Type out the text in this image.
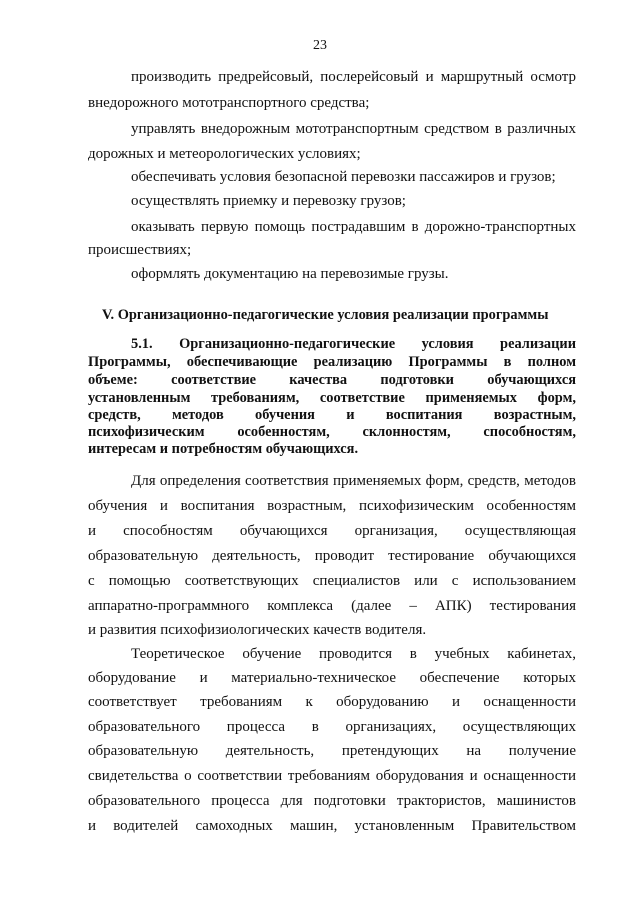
23
производить предрейсовый, послерейсовый и маршрутный осмотр
внедорожного мототранспортного средства;
управлять внедорожным мототранспортным средством в различных
дорожных и метеорологических условиях;
обеспечивать условия безопасной перевозки пассажиров и грузов;
осуществлять приемку и перевозку грузов;
оказывать первую помощь пострадавшим в дорожно-транспортных
происшествиях;
оформлять документацию на перевозимые грузы.
V. Организационно-педагогические условия реализации программы
5.1. Организационно-педагогические условия реализации
Программы, обеспечивающие реализацию Программы в полном
объеме: соответствие качества подготовки обучающихся
установленным требованиям, соответствие применяемых форм,
средств, методов обучения и воспитания возрастным,
психофизическим особенностям, склонностям, способностям,
интересам и потребностям обучающихся.
Для определения соответствия применяемых форм, средств, методов
обучения и воспитания возрастным, психофизическим особенностям
и способностям обучающихся организация, осуществляющая
образовательную деятельность, проводит тестирование обучающихся
с помощью соответствующих специалистов или с использованием
аппаратно-программного комплекса (далее – АПК) тестирования
и развития психофизиологических качеств водителя.
Теоретическое обучение проводится в учебных кабинетах,
оборудование и материально-техническое обеспечение которых
соответствует требованиям к оборудованию и оснащенности
образовательного процесса в организациях, осуществляющих
образовательную деятельность, претендующих на получение
свидетельства о соответствии требованиям оборудования и оснащенности
образовательного процесса для подготовки трактористов, машинистов
и водителей самоходных машин, установленным Правительством
